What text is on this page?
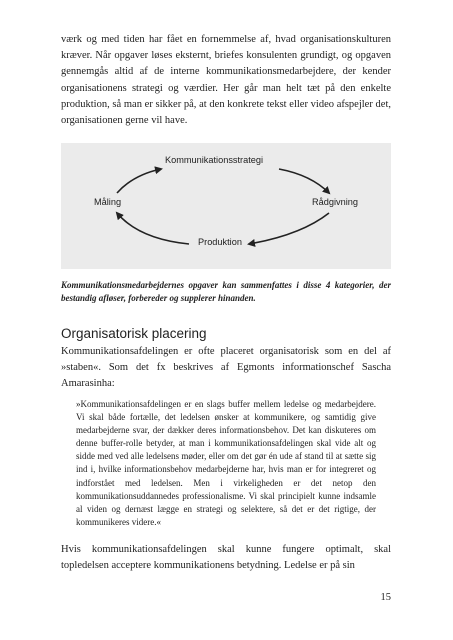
værk og med tiden har fået en fornemmelse af, hvad organisationskulturen kræver. Når opgaver løses eksternt, briefes konsulenten grundigt, og opgaven gennemgås altid af de interne kommunikationsmedarbejdere, der kender organisationens strategi og værdier. Her går man helt tæt på den enkelte produktion, så man er sikker på, at den konkrete tekst eller video afspejler det, organisationen gerne vil have.

Kommunikationsstrategi
Rådgivning
Produktion
Måling

Kommunikationsmedarbejdernes opgaver kan sammenfattes i disse 4 kategorier, der bestandig afløser, forbereder og supplerer hinanden.

Organisatorisk placering

Kommunikationsafdelingen er ofte placeret organisatorisk som en del af »staben«. Som det fx beskrives af Egmonts informationschef Sascha Amarasinha:

»Kommunikationsafdelingen er en slags buffer mellem ledelse og medarbejdere. Vi skal både fortælle, det ledelsen ønsker at kommunikere, og samtidig give medarbejderne svar, der dækker deres informationsbehov. Det kan diskuteres om denne buffer-rolle betyder, at man i kommunikationsafdelingen skal vide alt og sidde med ved alle ledelsens møder, eller om det gør én ude af stand til at sætte sig ind i, hvilke informationsbehov medarbejderne har, hvis man er for integreret og indforstået med ledelsen. Men i virkeligheden er det netop den kommunikationsuddannedes professionalisme. Vi skal principielt kunne indsamle al viden og dernæst lægge en strategi og selektere, så det er det rigtige, der kommunikeres videre.«

Hvis kommunikationsafdelingen skal kunne fungere optimalt, skal topledelsen acceptere kommunikationens betydning. Ledelse er på sin

15
